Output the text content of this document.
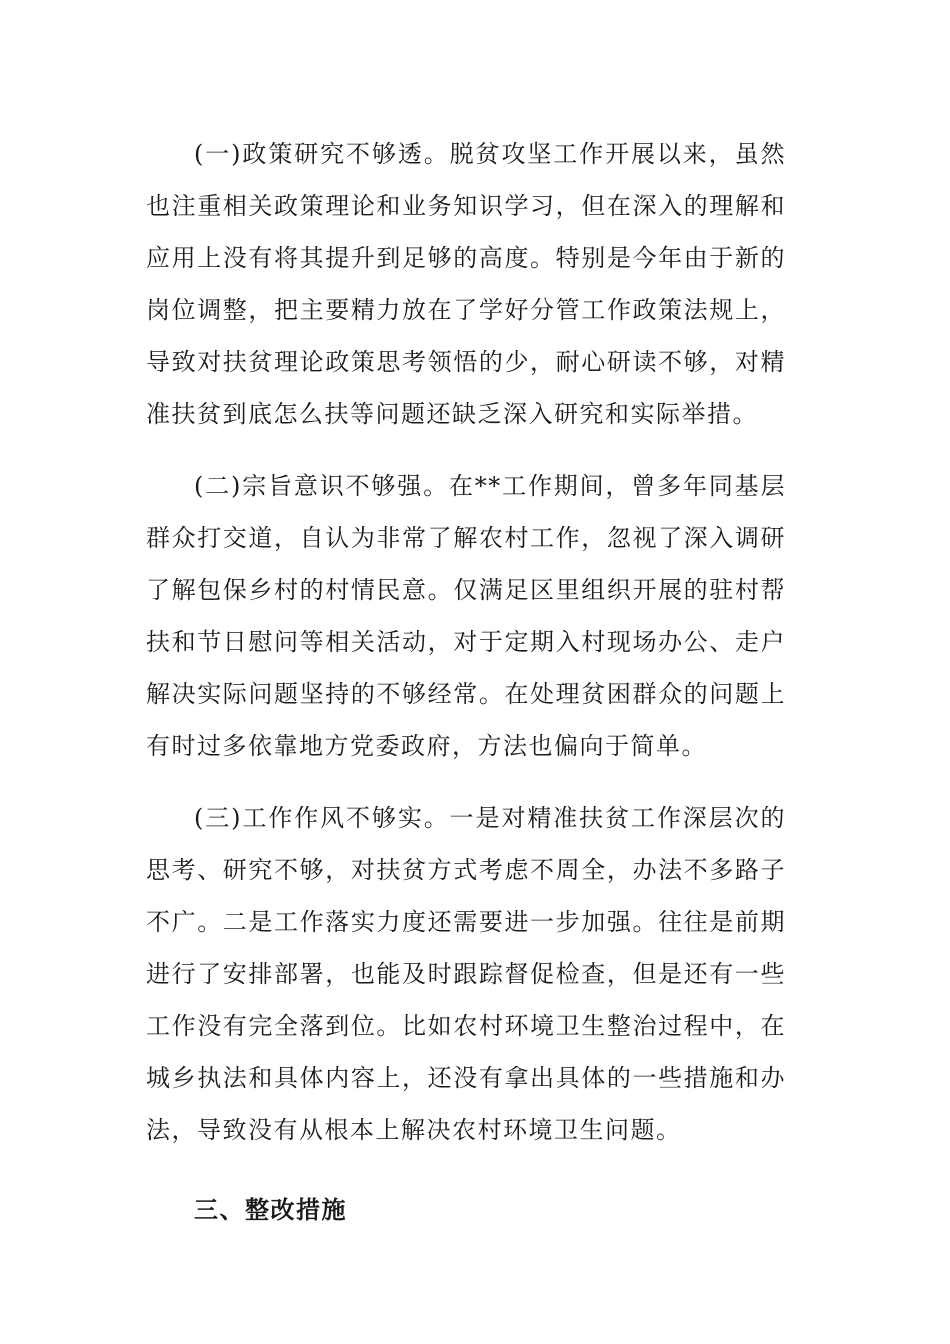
(一)政策研究不够透。脱贫攻坚工作开展以来，虽然也注重相关政策理论和业务知识学习，但在深入的理解和应用上没有将其提升到足够的高度。特别是今年由于新的岗位调整，把主要精力放在了学好分管工作政策法规上，导致对扶贫理论政策思考领悟的少，耐心研读不够，对精准扶贫到底怎么扶等问题还缺乏深入研究和实际举措。

(二)宗旨意识不够强。在**工作期间，曾多年同基层群众打交道，自认为非常了解农村工作，忽视了深入调研了解包保乡村的村情民意。仅满足区里组织开展的驻村帮扶和节日慰问等相关活动，对于定期入村现场办公、走户解决实际问题坚持的不够经常。在处理贫困群众的问题上有时过多依靠地方党委政府，方法也偏向于简单。

(三)工作作风不够实。一是对精准扶贫工作深层次的思考、研究不够，对扶贫方式考虑不周全，办法不多路子不广。二是工作落实力度还需要进一步加强。往往是前期进行了安排部署，也能及时跟踪督促检查，但是还有一些工作没有完全落到位。比如农村环境卫生整治过程中，在城乡执法和具体内容上，还没有拿出具体的一些措施和办法，导致没有从根本上解决农村环境卫生问题。

三、整改措施
